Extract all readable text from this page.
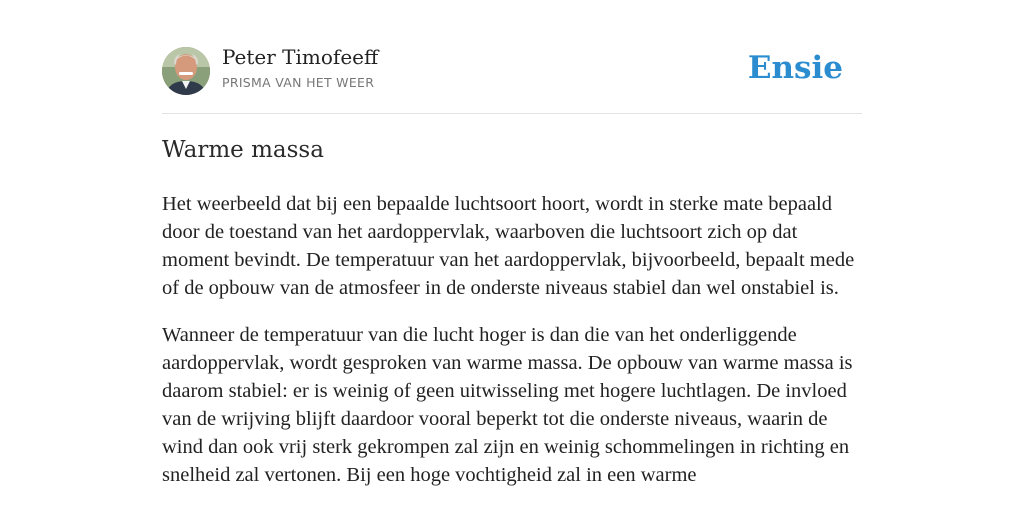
Peter Timofeeff
PRISMA VAN HET WEER	Ensie
Warme massa

Het weerbeeld dat bij een bepaalde luchtsoort hoort, wordt in sterke mate bepaald door de toestand van het aardoppervlak, waarboven die luchtsoort zich op dat moment bevindt. De temperatuur van het aardoppervlak, bijvoorbeeld, bepaalt mede of de opbouw van de atmosfeer in de onderste niveaus stabiel dan wel onstabiel is.

Wanneer de temperatuur van die lucht hoger is dan die van het onderliggende aardoppervlak, wordt gesproken van warme massa. De opbouw van warme massa is daarom stabiel: er is weinig of geen uitwisseling met hogere luchtlagen. De invloed van de wrijving blijft daardoor vooral beperkt tot die onderste niveaus, waarin de wind dan ook vrij sterk gekrompen zal zijn en weinig schommelingen in richting en snelheid zal vertonen. Bij een hoge vochtigheid zal in een warme
